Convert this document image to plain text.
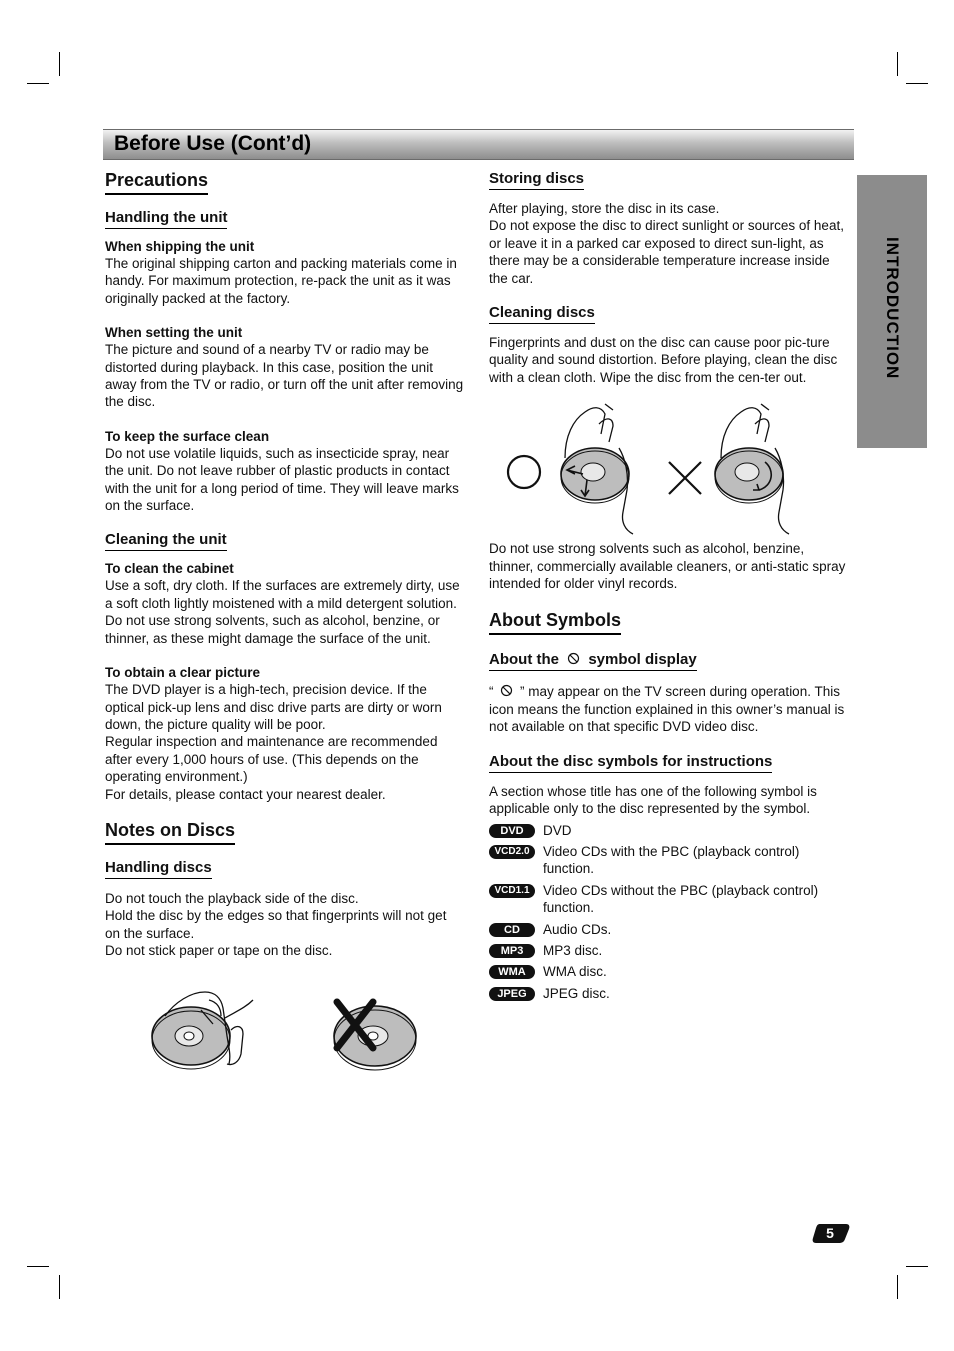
Before Use (Cont’d)
INTRODUCTION
Precautions
Handling the unit
When shipping the unit

The original shipping carton and packing materials come in handy. For maximum protection, re-pack the unit as it was originally packed at the factory.

When setting the unit

The picture and sound of a nearby TV or radio may be distorted during playback. In this case, position the unit away from the TV or radio, or turn off the unit after removing the disc.

To keep the surface clean

Do not use volatile liquids, such as insecticide spray, near the unit. Do not leave rubber of plastic products in contact with the unit for a long period of time. They will leave marks on the surface.

Cleaning the unit
To clean the cabinet

Use a soft, dry cloth. If the surfaces are extremely dirty, use a soft cloth lightly moistened with a mild detergent solution. Do not use strong solvents, such as alcohol, benzine, or thinner, as these might damage the surface of the unit.

To obtain a clear picture

The DVD player is a high-tech, precision device. If the optical pick-up lens and disc drive parts are dirty or worn down, the picture quality will be poor.

Regular inspection and maintenance are recommended after every 1,000 hours of use. (This depends on the operating environment.)

For details, please contact your nearest dealer.

Notes on Discs
Handling discs

Do not touch the playback side of the disc.

Hold the disc by the edges so that fingerprints will not get on the surface.

Do not stick paper or tape on the disc.

Storing discs

After playing, store the disc in its case.

Do not expose the disc to direct sunlight or sources of heat, or leave it in a parked car exposed to direct sun-light, as there may be a considerable temperature increase inside the car.

Cleaning discs

Fingerprints and dust on the disc can cause poor pic-ture quality and sound distortion. Before playing, clean the disc with a clean cloth. Wipe the disc from the cen-ter out.

Do not use strong solvents such as alcohol, benzine, thinner, commercially available cleaners, or anti-static spray intended for older vinyl records.

About Symbols
About the symbol display

“ ” may appear on the TV screen during operation. This icon means the function explained in this owner’s manual is not available on that specific DVD video disc.

About the disc symbols for instructions

A section whose title has one of the following symbol is applicable only to the disc represented by the symbol.

DVD	DVD

VCD2.0	Video CDs with the PBC (playback control) function.

VCD1.1	Video CDs without the PBC (playback control) function.

CD	Audio CDs.

MP3	MP3 disc.

WMA	WMA disc.

JPEG	JPEG disc.

5
